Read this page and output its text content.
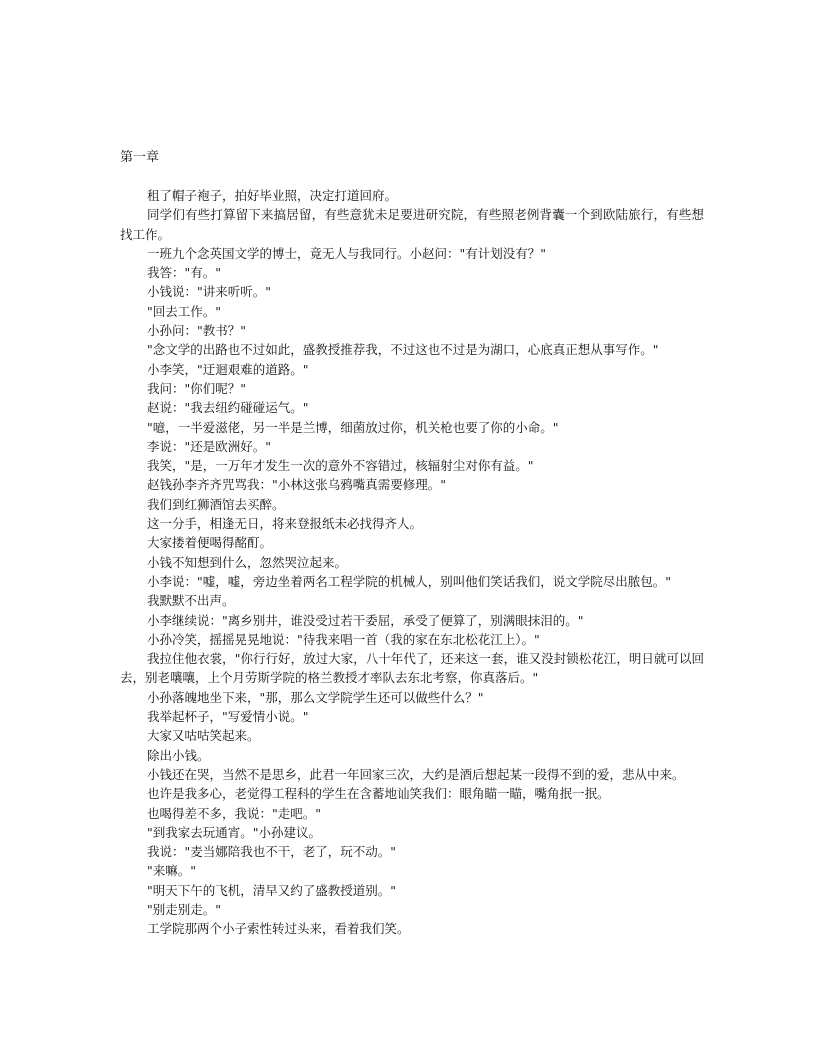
第一章

租了帽子袍子，拍好毕业照，决定打道回府。

同学们有些打算留下来搞居留，有些意犹未足要进研究院，有些照老例背囊一个到欧陆旅行，有些想找工作。

一班九个念英国文学的博士，竟无人与我同行。小赵问："有计划没有？"

我答："有。"

小钱说："讲来听听。"

"回去工作。"

小孙问："教书？"

"念文学的出路也不过如此，盛教授推荐我，不过这也不过是为湖口，心底真正想从事写作。"

小李笑，"迂迴艰难的道路。"

我问："你们呢？"

赵说："我去纽约碰碰运气。"

"噫，一半爱滋佬，另一半是兰博，细菌放过你，机关枪也要了你的小命。"

李说："还是欧洲好。"

我笑，"是，一万年才发生一次的意外不容错过，核辐射尘对你有益。"

赵钱孙李齐齐咒骂我："小林这张乌鸦嘴真需要修理。"

我们到红狮酒馆去买醉。

这一分手，相逢无日，将来登报纸未必找得齐人。

大家搂着便喝得酩酊。

小钱不知想到什么，忽然哭泣起来。

小李说："嘘，嘘，旁边坐着两名工程学院的机械人，别叫他们笑话我们，说文学院尽出脓包。"

我默默不出声。

小李继续说："离乡别井，谁没受过若干委屈，承受了便算了，别满眼抹泪的。"

小孙冷笑，摇摇晃晃地说："待我来唱一首（我的家在东北松花江上）。"

我拉住他衣裳，"你行行好，放过大家，八十年代了，还来这一套，谁又没封锁松花江，明日就可以回去，别老嚷嚷，上个月劳斯学院的格兰教授才率队去东北考察，你真落后。"

小孙落魄地坐下来，"那，那么文学院学生还可以做些什么？"

我举起杯子，"写爱情小说。"

大家又咕咕笑起来。

除出小钱。

小钱还在哭，当然不是思乡，此君一年回家三次，大约是酒后想起某一段得不到的爱，悲从中来。

也许是我多心，老觉得工程科的学生在含蓄地讪笑我们：眼角瞄一瞄，嘴角抿一抿。

也喝得差不多，我说："走吧。"

"到我家去玩通宵。"小孙建议。

我说："麦当娜陪我也不干，老了，玩不动。"

"来嘛。"

"明天下午的飞机，清早又约了盛教授道别。"

"别走别走。"

工学院那两个小子索性转过头来，看着我们笑。
